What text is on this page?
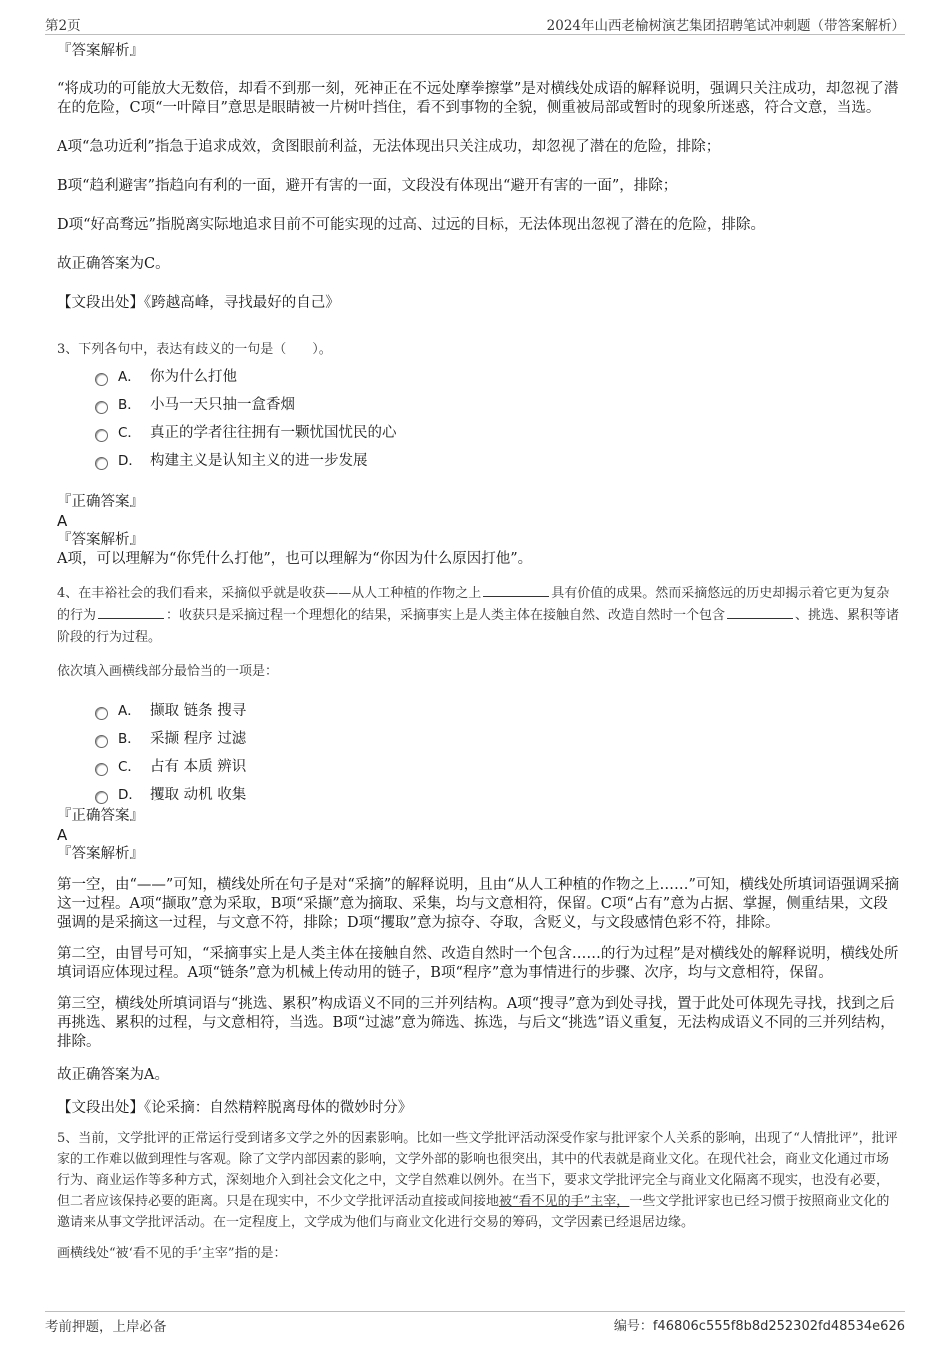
第2页	2024年山西老榆树演艺集团招聘笔试冲刺题（带答案解析）

『答案解析』

“将成功的可能放大无数倍，却看不到那一刻，死神正在不远处摩拳擦掌”是对横线处成语的解释说明，强调只关注成功，却忽视了潜在的危险，C项“一叶障目”意思是眼睛被一片树叶挡住，看不到事物的全貌，侧重被局部或暂时的现象所迷惑，符合文意，当选。

A项“急功近利”指急于追求成效，贪图眼前利益，无法体现出只关注成功，却忽视了潜在的危险，排除；

B项“趋利避害”指趋向有利的一面，避开有害的一面，文段没有体现出“避开有害的一面”，排除；

D项“好高骛远”指脱离实际地追求目前不可能实现的过高、过远的目标，无法体现出忽视了潜在的危险，排除。

故正确答案为C。

【文段出处】《跨越高峰，寻找最好的自己》

3、下列各句中，表达有歧义的一句是（　　）。

A． 你为什么打他
B． 小马一天只抽一盒香烟
C． 真正的学者往往拥有一颗忧国忧民的心
D． 构建主义是认知主义的进一步发展

『正确答案』

A

『答案解析』

A项，可以理解为“你凭什么打他”，也可以理解为“你因为什么原因打他”。

4、在丰裕社会的我们看来，采摘似乎就是收获——从人工种植的作物之上	具有价值的成果。然而采摘悠远的历史却揭示着它更为复杂的行为	：收获只是采摘过程一个理想化的结果，采摘事实上是人类主体在接触自然、改造自然时一个包含	、挑选、累积等诸阶段的行为过程。

依次填入画横线部分最恰当的一项是：

A． 撷取 链条 搜寻
B． 采撷 程序 过滤
C． 占有 本质 辨识
D． 攫取 动机 收集

『正确答案』

A

『答案解析』

第一空，由“——”可知，横线处所在句子是对“采摘”的解释说明，且由“从人工种植的作物之上……”可知，横线处所填词语强调采摘这一过程。A项“撷取”意为采取，B项“采撷”意为摘取、采集，均与文意相符，保留。C项“占有”意为占据、掌握，侧重结果，文段强调的是采摘这一过程，与文意不符，排除；D项“攫取”意为掠夺、夺取，含贬义，与文段感情色彩不符，排除。

第二空，由冒号可知，“采摘事实上是人类主体在接触自然、改造自然时一个包含……的行为过程”是对横线处的解释说明，横线处所填词语应体现过程。A项“链条”意为机械上传动用的链子，B项“程序”意为事情进行的步骤、次序，均与文意相符，保留。

第三空，横线处所填词语与“挑选、累积”构成语义不同的三并列结构。A项“搜寻”意为到处寻找，置于此处可体现先寻找，找到之后再挑选、累积的过程，与文意相符，当选。B项“过滤”意为筛选、拣选，与后文“挑选”语义重复，无法构成语义不同的三并列结构，排除。

故正确答案为A。

【文段出处】《论采摘：自然精粹脱离母体的微妙时分》

5、当前，文学批评的正常运行受到诸多文学之外的因素影响。比如一些文学批评活动深受作家与批评家个人关系的影响，出现了“人情批评”，批评家的工作难以做到理性与客观。除了文学内部因素的影响，文学外部的影响也很突出，其中的代表就是商业文化。在现代社会，商业文化通过市场行为、商业运作等多种方式，深刻地介入到社会文化之中，文学自然难以例外。在当下，要求文学批评完全与商业文化隔离不现实，也没有必要，但二者应该保持必要的距离。只是在现实中，不少文学批评活动直接或间接地被“看不见的手”主宰，一些文学批评家也已经习惯于按照商业文化的邀请来从事文学批评活动。在一定程度上，文学成为他们与商业文化进行交易的筹码，文学因素已经退居边缘。

画横线处“被‘看不见的手’主宰”指的是：

考前押题，上岸必备	编号：f46806c555f8b8d252302fd48534e626
